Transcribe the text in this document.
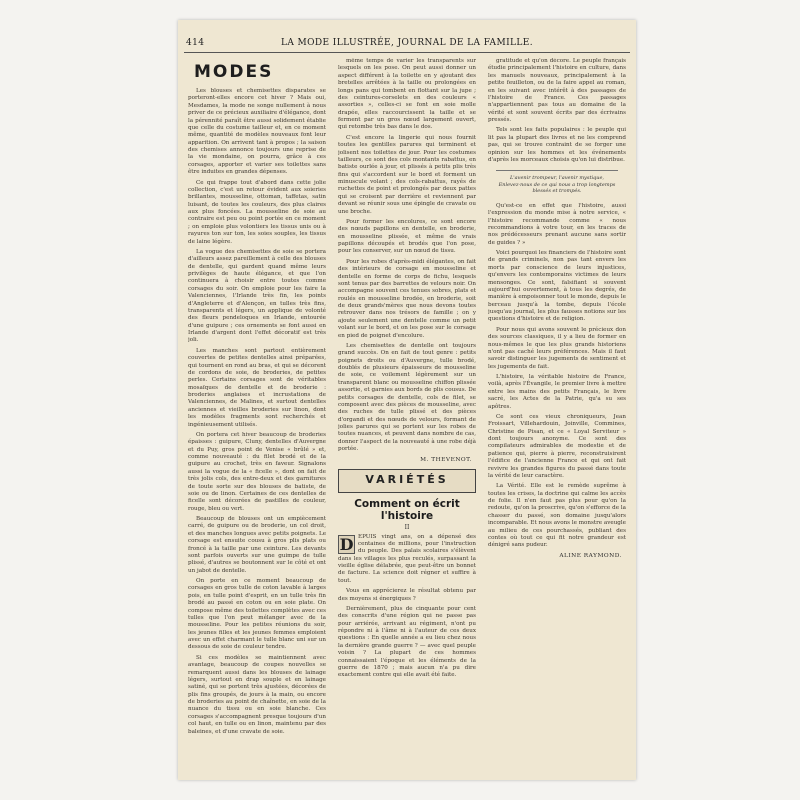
414	LA MODE ILLUSTRÉE, JOURNAL DE LA FAMILLE.
MODES

Les blouses et chemisettes disparates se porteront-elles encore cet hiver ? Mais oui, Mesdames, la mode ne songe nullement à nous priver de ce précieux auxiliaire d'élégance, dont la pérennité paraît être aussi solidement établie que celle du costume tailleur et, en ce moment même, quantité de modèles nouveaux font leur apparition. On arrivent tant à propos ; la saison des chemises annonce toujours une reprise de la vie mondaine, on pourra, grâce à ces corsages, apporter et varier ses toilettes sans être induites en grandes dépenses.

Ce qui frappe tout d'abord dans cette jolie collection, c'est un retour évident aux soieries brillantes, mousseline, ottoman, taffetas, satin luisant, de toutes les couleurs, des plus claires aux plus foncées. La mousseline de soie au contraire est peu ou point portée en ce moment ; on emploie plus volontiers les tissus unis ou à rayures ton sur ton, les soies souples, les tissus de laine légère.

La vogue des chemisettes de soie se portera d'ailleurs assez pareillement à celle des blouses de dentelle, qui gardent quand même leurs privilèges de haute élégance, et que l'on continuera à choisir entre toutes comme corsages du soir. On emploie pour les faire la Valenciennes, l'Irlande très fin, les points d'Angleterre et d'Alençon, en tulles très fins, transparents et légers, un applique de volonté des fleurs pendeloques en Irlande, entourée d'une guipure ; ces ornements se font aussi en Irlande d'argent dont l'effet décoratif est très joli.

Les manches sont partout entièrement couvertes de petites dentelles ainsi préparées, qui tournent en rond au bras, et qui se décorent de cordons de soie, de broderies, de petites perles. Certains corsages sont de véritables mosaïques de dentelle et de broderie : broderies anglaises et incrustations de Valenciennes, de Malines, et surtout dentelles anciennes et vieilles broderies sur linon, dont les modèles fragments sont recherchés et ingénieusement utilisés.

On portera cet hiver beaucoup de broderies épaisses : guipure, Cluny, dentelles d'Auvergne et du Puy, gros point de Venise « brûlé » et, comme nouveauté : du filet brodé et de la guipure au crochet, très en faveur. Signalons aussi la vogue de la « ficelle », dont on fait de très jolis cols, des entre-deux et des garnitures de toute sorte sur des blouses de batiste, de soie ou de linon. Certaines de ces dentelles de ficelle sont décorées de pastilles de couleur, rouge, bleu ou vert.

Beaucoup de blouses ont un empiècement carré, de guipure ou de broderie, un col droit, et des manches longues avec petits poignets. Le corsage est ensuite cousu à gros plis plats ou froncé à la taille par une ceinture. Les devants sont parfois ouverts sur une guimpe de tulle plissé, d'autres se boutonnent sur le côté et ont un jabot de dentelle.

On porte en ce moment beaucoup de corsages en gros tulle de coton lavable à larges pois, en tulle point d'esprit, en un tulle très fin brodé au passé en coton ou en soie plate. On compose même des toilettes complètes avec ces tulles que l'on peut mélanger avec de la mousseline. Pour les petites réunions du soir, les jeunes filles et les jeunes femmes emploient avec un effet charmant le tulle blanc uni sur un dessous de soie de couleur tendre.

Si ces modèles se maintiennent avec avantage, beaucoup de coupes nouvelles se remarquent aussi dans les blouses de lainage légers, surtout en drap souple et en lainage satiné, qui se portent très ajustées, décorées de plis fins groupés, de jours à la main, ou encore de broderies au point de chaînette, en soie de la nuance du tissu ou en soie blanche. Ces corsages s'accompagnent presque toujours d'un col haut, en tulle ou en linon, maintenu par des baleines, et d'une cravate de soie.

même temps de varier les transparents sur lesquels on les pose. On peut aussi donner un aspect différent à la toilette en y ajoutant des bretelles arrêtées à la taille ou prolongées en longs pans qui tombent en flottant sur la jupe ; des ceintures-corselets en des couleurs « assorties », celles-ci se font en soie molle drapée, elles raccourcissent la taille et se ferment par un gros nœud largement ouvert, qui retombe très bas dans le dos.

C'est encore la lingerie qui nous fournit toutes les gentilles parures qui terminent et jolisent nos toilettes de jour. Pour les costumes tailleurs, ce sont des cols montants rabattus, en batiste ourlée à jour, et plissés à petits plis très fins qui s'accordent sur le bord et forment un minuscule volant ; des cols-rabattus, rayés de ruchettes de point et prolongés par deux pattes qui se croisent par derrière et reviennent par devant se réunir sous une épingle de cravate ou une broche.

Pour former les encolures, ce sont encore des nœuds papillons en dentelle, en broderie, en mousseline plissée, et même de vrais papillons découpés et brodés que l'on pose, pour les conserver, sur un nœud de tissu.

Pour les robes d'après-midi élégantes, on fait des intérieurs de corsage en mousseline et dentelle en forme de corps de fichu, lesquels sont tenus par des barrettes de velours noir. On accompagne souvent ces tenues sobres, plats et roulés en mousseline brodée, en broderie, soit de deux grands'mères que nous devons toutes retrouver dans nos trésors de famille ; on y ajoute seulement une dentelle comme un petit volant sur le bord, et on les pose sur le corsage en pied de poignet d'encolure.

Les chemisettes de dentelle ont toujours grand succès. On en fait de tout genre : petits poignets droits ou d'Auvergne, tulle brodé, doublés de plusieurs épaisseurs de mousseline de soie, ce voilement légèrement sur un transparent blanc ou mousseline chiffon plissée assortie, et garnies aux bords de plis cousus. De petits corsages de dentelle, cols de filet, se composent avec des pièces de mousseline, avec des ruches de tulle plissé et des pièces d'organdi et des nœuds de velours, formant de jolies parures qui se portent sur les robes de toutes nuances, et peuvent dans nombre de cas, donner l'aspect de la nouveauté à une robe déjà portée.

M. THEVENOT.
VARIÉTÉS
Comment on écrit l'histoire
II
D EPUIS vingt ans, on a dépensé des centaines de millions, pour l'instruction du peuple. Des palais scolaires s'élèvent dans les villages les plus reculés, surpassant la vieille église délabrée, que peut-être un bonnet de facture. La science doit régner et suffire à tout.

Vous en apprécierez le résultat obtenu par des moyens si énergiques ?

Dernièrement, plus de cinquante pour cent des conscrits d'une région qui ne passe pas pour arriérée, arrivant au régiment, n'ont pu répondre ni à l'âme ni à l'auteur de ces deux questions : En quelle année a eu lieu chez nous la dernière grande guerre ? — avec quel peuple voisin ? La plupart de ces hommes connaissaient l'époque et les éléments de la guerre de 1870 ; mais aucun n'a pu dire exactement contre qui elle avait été faite.

gratitude et qu'on décore. Le peuple français étudie principalement l'histoire en culture, dans les manuels nouveaux, principalement à la petite feuilleton, ou de la faire appel au roman, en les suivant avec intérêt à des passages de l'histoire de France. Ces passages n'appartiennent pas tous au domaine de la vérité et sont souvent écrits par des écrivains pressés.

Tels sont les faits populaires : le peuple qui lit pas la plupart des livres et ne les comprend pas, qui se trouve contraint de se forger une opinion sur les hommes et les événements d'après les morceaux choisis qu'on lui distribue.

L'avenir trompeur, l'avenir mystique,
Enlevez-nous de ce qui nous a trop longtemps
blessés et trompés.

Qu'est-ce en effet que l'histoire, aussi l'expression du monde mise à notre service, « l'histoire recommande comme « nous recommandions à votre tour, en les traces de nos prédécesseurs prenant aucune sans sortir de guides ? »

Voici pourquoi les financiers de l'histoire sont de grands criminels, non pas tant envers les morts par conscience de leurs injustices, qu'envers les contemporains victimes de leurs mensonges. Ce sont, falsifiant si souvent aujourd'hui ouvertement, à tous les degrés, de manière à empoisonner tout le monde, depuis le berceau jusqu'à la tombe, depuis l'école jusqu'au journal, les plus fausses notions sur les questions d'histoire et de religion.

Pour nous qui avons souvent le précieux don des sources classiques, il y a lieu de former en nous-mêmes le que les plus grands historiens n'ont pas caché leurs préférences. Mais il faut savoir distinguer les jugements de sentiment et les jugements de fait.

L'histoire, la véritable histoire de France, voilà, après l'Évangile, le premier livre à mettre entre les mains des petits Français, le livre sacré, les Actes de la Patrie, qu'a su ses apôtres.

Ce sont ces vieux chroniqueurs, Jean Froissart, Villehardouin, Joinville, Commines, Christine de Pisan, et ce « Loyal Serviteur » dont toujours anonyme. Ce sont des compilateurs admirables de modestie et de patience qui, pierre à pierre, reconstruisirent l'édifice de l'ancienne France et qui ont fait revivre les grandes figures du passé dans toute la vérité de leur caractère.

La Vérité. Elle est le remède suprême à toutes les crises, la doctrine qui calme les accès de folie. Il n'en faut pas plus pour qu'on la redoute, qu'on la proscrive, qu'on s'efforce de la chasser du passé, son domaine jusqu'alors incomparable. Et nous avons le monstre aveugle au milieu de ces pourchassés, publiant des contes où tout ce qui fit notre grandeur est dénigré sans pudeur.

ALINE RAYMOND.
